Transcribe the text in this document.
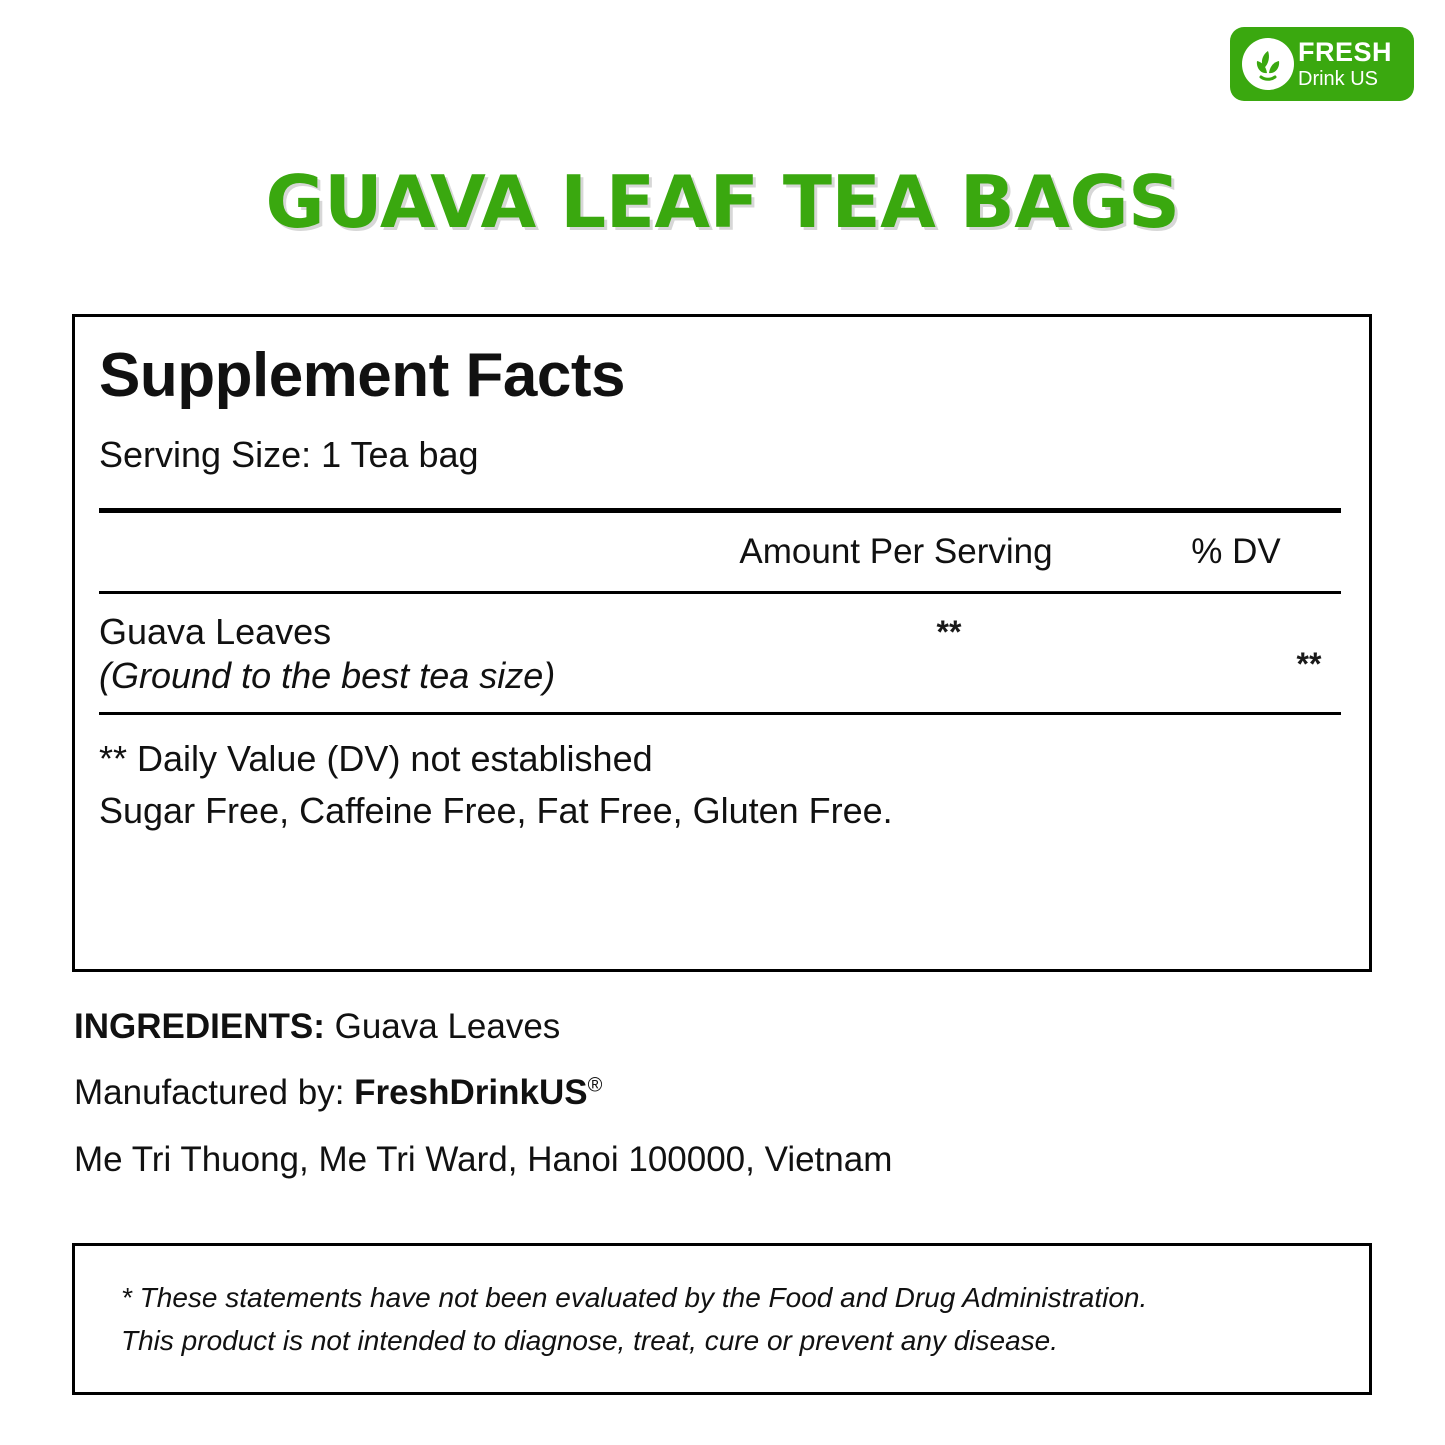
FRESH
Drink US
GUAVA LEAF TEA BAGS
Supplement Facts
Serving Size: 1 Tea bag
Amount Per Serving	% DV
Guava Leaves
(Ground to the best tea size)
**
**
** Daily Value (DV) not established
Sugar Free, Caffeine Free, Fat Free, Gluten Free.
INGREDIENTS: Guava Leaves
Manufactured by: FreshDrinkUS®
Me Tri Thuong, Me Tri Ward, Hanoi 100000, Vietnam

* These statements have not been evaluated by the Food and Drug Administration.

This product is not intended to diagnose, treat, cure or prevent any disease.
